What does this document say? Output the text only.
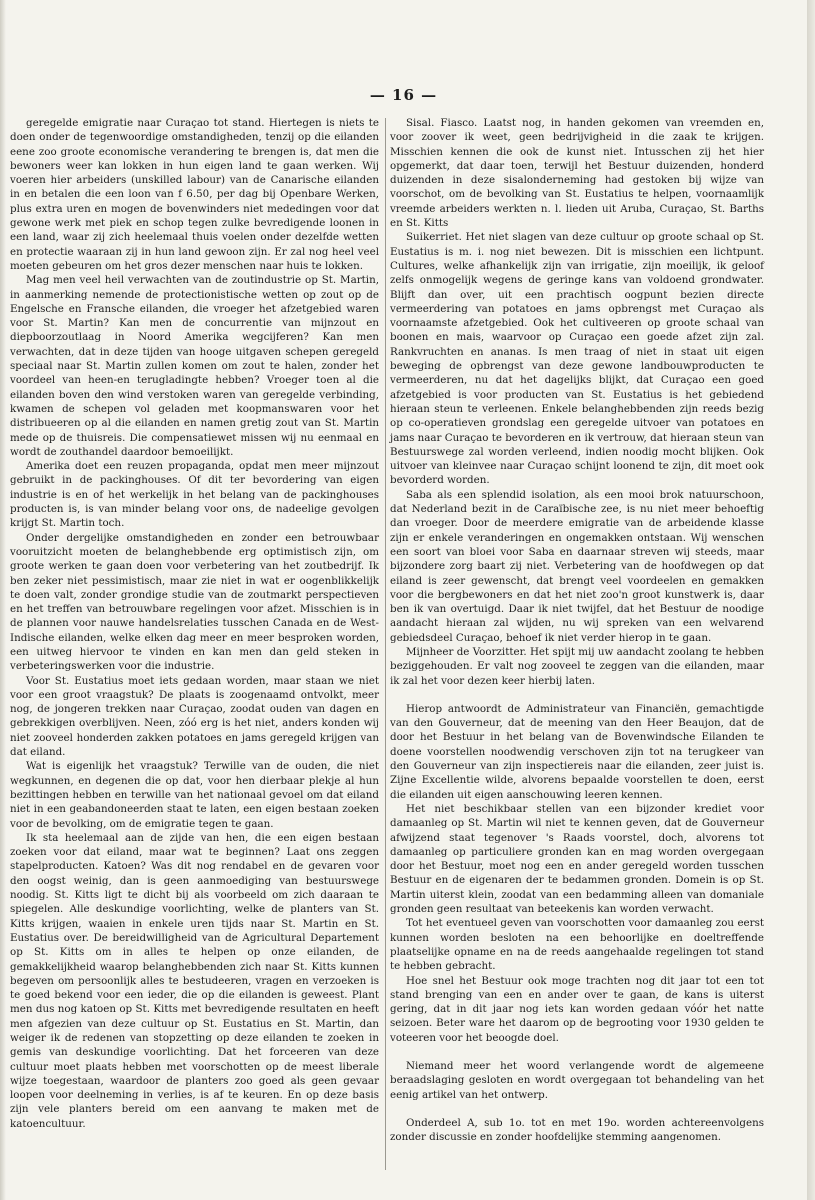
— 16 —

geregelde emigratie naar Curaçao tot stand. Hiertegen is niets te doen onder de tegenwoordige omstandigheden, tenzij op die eilanden eene zoo groote economische verandering te brengen is, dat men die bewoners weer kan lokken in hun eigen land te gaan werken. Wij voeren hier arbeiders (unskilled labour) van de Canarische eilanden in en betalen die een loon van f 6.50, per dag bij Openbare Werken, plus extra uren en mogen de bovenwinders niet mededingen voor dat gewone werk met piek en schop tegen zulke bevredigende loonen in een land, waar zij zich heelemaal thuis voelen onder dezelfde wetten en protectie waaraan zij in hun land gewoon zijn. Er zal nog heel veel moeten gebeuren om het gros dezer menschen naar huis te lokken.

Mag men veel heil verwachten van de zoutindustrie op St. Martin, in aanmerking nemende de protectionistische wetten op zout op de Engelsche en Fransche eilanden, die vroeger het afzetgebied waren voor St. Martin? Kan men de concurrentie van mijnzout en diepboorzoutlaag in Noord Amerika wegcijferen? Kan men verwachten, dat in deze tijden van hooge uitgaven schepen geregeld speciaal naar St. Martin zullen komen om zout te halen, zonder het voordeel van heen-en terugladingte hebben? Vroeger toen al die eilanden boven den wind verstoken waren van geregelde verbinding, kwamen de schepen vol geladen met koopmanswaren voor het distribueeren op al die eilanden en namen gretig zout van St. Martin mede op de thuisreis. Die compensatiewet missen wij nu eenmaal en wordt de zouthandel daardoor bemoeilijkt.

Amerika doet een reuzen propaganda, opdat men meer mijnzout gebruikt in de packinghouses. Of dit ter bevordering van eigen industrie is en of het werkelijk in het belang van de packinghouses producten is, is van minder belang voor ons, de nadeelige gevolgen krijgt St. Martin toch.

Onder dergelijke omstandigheden en zonder een betrouwbaar vooruitzicht moeten de belanghebbende erg optimistisch zijn, om groote werken te gaan doen voor verbetering van het zoutbedrijf. Ik ben zeker niet pessimistisch, maar zie niet in wat er oogenblikkelijk te doen valt, zonder grondige studie van de zoutmarkt perspectieven en het treffen van betrouwbare regelingen voor afzet. Misschien is in de plannen voor nauwe handelsrelaties tusschen Canada en de West-Indische eilanden, welke elken dag meer en meer besproken worden, een uitweg hiervoor te vinden en kan men dan geld steken in verbeteringswerken voor die industrie.

Voor St. Eustatius moet iets gedaan worden, maar staan we niet voor een groot vraagstuk? De plaats is zoogenaamd ontvolkt, meer nog, de jongeren trekken naar Curaçao, zoodat ouden van dagen en gebrekkigen overblijven. Neen, zóó erg is het niet, anders konden wij niet zooveel honderden zakken potatoes en jams geregeld krijgen van dat eiland.

Wat is eigenlijk het vraagstuk? Terwille van de ouden, die niet wegkunnen, en degenen die op dat, voor hen dierbaar plekje al hun bezittingen hebben en terwille van het nationaal gevoel om dat eiland niet in een geabandoneerden staat te laten, een eigen bestaan zoeken voor de bevolking, om de emigratie tegen te gaan.

Ik sta heelemaal aan de zijde van hen, die een eigen bestaan zoeken voor dat eiland, maar wat te beginnen? Laat ons zeggen stapelproducten. Katoen? Was dit nog rendabel en de gevaren voor den oogst weinig, dan is geen aanmoediging van bestuurswege noodig. St. Kitts ligt te dicht bij als voorbeeld om zich daaraan te spiegelen. Alle deskundige voorlichting, welke de planters van St. Kitts krijgen, waaien in enkele uren tijds naar St. Martin en St. Eustatius over. De bereidwilligheid van de Agricultural Departement op St. Kitts om in alles te helpen op onze eilanden, de gemakkelijkheid waarop belanghebbenden zich naar St. Kitts kunnen begeven om persoonlijk alles te bestudeeren, vragen en verzoeken is te goed bekend voor een ieder, die op die eilanden is geweest. Plant men dus nog katoen op St. Kitts met bevredigende resultaten en heeft men afgezien van deze cultuur op St. Eustatius en St. Martin, dan weiger ik de redenen van stopzetting op deze eilanden te zoeken in gemis van deskundige voorlichting. Dat het forceeren van deze cultuur moet plaats hebben met voorschotten op de meest liberale wijze toegestaan, waardoor de planters zoo goed als geen gevaar loopen voor deelneming in verlies, is af te keuren. En op deze basis zijn vele planters bereid om een aanvang te maken met de katoencultuur.

Sisal. Fiasco. Laatst nog, in handen gekomen van vreemden en, voor zoover ik weet, geen bedrijvigheid in die zaak te krijgen. Misschien kennen die ook de kunst niet. Intusschen zij het hier opgemerkt, dat daar toen, terwijl het Bestuur duizenden, honderd duizenden in deze sisalonderneming had gestoken bij wijze van voorschot, om de bevolking van St. Eustatius te helpen, voornaamlijk vreemde arbeiders werkten n. l. lieden uit Aruba, Curaçao, St. Barths en St. Kitts

Suikerriet. Het niet slagen van deze cultuur op groote schaal op St. Eustatius is m. i. nog niet bewezen. Dit is misschien een lichtpunt. Cultures, welke afhankelijk zijn van irrigatie, zijn moeilijk, ik geloof zelfs onmogelijk wegens de geringe kans van voldoend grondwater. Blijft dan over, uit een prachtisch oogpunt bezien directe vermeerdering van potatoes en jams opbrengst met Curaçao als voornaamste afzetgebied. Ook het cultiveeren op groote schaal van boonen en mais, waarvoor op Curaçao een goede afzet zijn zal. Rankvruchten en ananas. Is men traag of niet in staat uit eigen beweging de opbrengst van deze gewone landbouwproducten te vermeerderen, nu dat het dagelijks blijkt, dat Curaçao een goed afzetgebied is voor producten van St. Eustatius is het gebiedend hieraan steun te verleenen. Enkele belanghebbenden zijn reeds bezig op co-operatieven grondslag een geregelde uitvoer van potatoes en jams naar Curaçao te bevorderen en ik vertrouw, dat hieraan steun van Bestuurswege zal worden verleend, indien noodig mocht blijken. Ook uitvoer van kleinvee naar Curaçao schijnt loonend te zijn, dit moet ook bevorderd worden.

Saba als een splendid isolation, als een mooi brok natuurschoon, dat Nederland bezit in de Caraïbische zee, is nu niet meer behoeftig dan vroeger. Door de meerdere emigratie van de arbeidende klasse zijn er enkele veranderingen en ongemakken ontstaan. Wij wenschen een soort van bloei voor Saba en daarnaar streven wij steeds, maar bijzondere zorg baart zij niet. Verbetering van de hoofdwegen op dat eiland is zeer gewenscht, dat brengt veel voordeelen en gemakken voor die bergbewoners en dat het niet zoo'n groot kunstwerk is, daar ben ik van overtuigd. Daar ik niet twijfel, dat het Bestuur de noodige aandacht hieraan zal wijden, nu wij spreken van een welvarend gebiedsdeel Curaçao, behoef ik niet verder hierop in te gaan.

Mijnheer de Voorzitter. Het spijt mij uw aandacht zoolang te hebben beziggehouden. Er valt nog zooveel te zeggen van die eilanden, maar ik zal het voor dezen keer hierbij laten.

Hierop antwoordt de Administrateur van Financiën, gemachtigde van den Gouverneur, dat de meening van den Heer Beaujon, dat de door het Bestuur in het belang van de Bovenwindsche Eilanden te doene voorstellen noodwendig verschoven zijn tot na terugkeer van den Gouverneur van zijn inspectiereis naar die eilanden, zeer juist is. Zijne Excellentie wilde, alvorens bepaalde voorstellen te doen, eerst die eilanden uit eigen aanschouwing leeren kennen.

Het niet beschikbaar stellen van een bijzonder krediet voor damaanleg op St. Martin wil niet te kennen geven, dat de Gouverneur afwijzend staat tegenover 's Raads voorstel, doch, alvorens tot damaanleg op particuliere gronden kan en mag worden overgegaan door het Bestuur, moet nog een en ander geregeld worden tusschen Bestuur en de eigenaren der te bedammen gronden. Domein is op St. Martin uiterst klein, zoodat van een bedamming alleen van domaniale gronden geen resultaat van beteekenis kan worden verwacht.

Tot het eventueel geven van voorschotten voor damaanleg zou eerst kunnen worden besloten na een behoorlijke en doeltreffende plaatselijke opname en na de reeds aangehaalde regelingen tot stand te hebben gebracht.

Hoe snel het Bestuur ook moge trachten nog dit jaar tot een tot stand brenging van een en ander over te gaan, de kans is uiterst gering, dat in dit jaar nog iets kan worden gedaan vóór het natte seizoen. Beter ware het daarom op de begrooting voor 1930 gelden te voteeren voor het beoogde doel.

Niemand meer het woord verlangende wordt de algemeene beraadslaging gesloten en wordt overgegaan tot behandeling van het eenig artikel van het ontwerp.

Onderdeel A, sub 1o. tot en met 19o. worden achtereenvolgens zonder discussie en zonder hoofdelijke stemming aangenomen.
